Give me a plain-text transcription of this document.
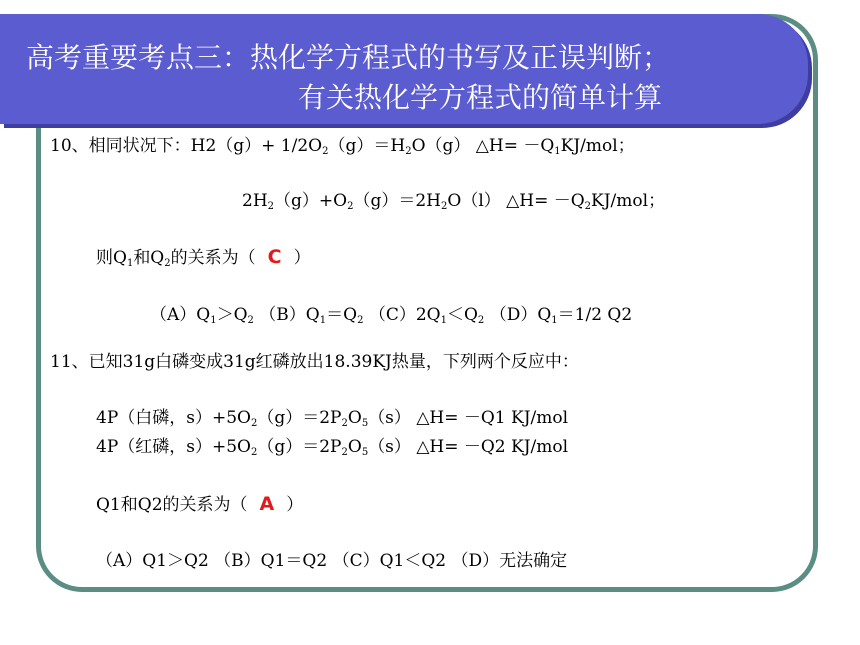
高考重要考点三：热化学方程式的书写及正误判断；
有关热化学方程式的简单计算
10、相同状况下：$H2(g)+ 1/2O_2(g)=H_2O(g)$ △H= $-Q_1KJ$/mol；
$2H_2(g)+O_2(g)=2H_2O(l)$ △H= $-Q_2KJ$/mol；
则$Q_1$和$Q_2$的关系为（ C ）
$(A)Q_1>Q_2$ $(B)Q_1=Q_2$ $(C)2Q_1<Q_2$ $(D)Q_1=1/2$ Q2
11、已知31g白磷变成31g红磷放出18.39KJ热量，下列两个反应中：
4P（白磷，$s)+5O_2(g)=2P_2O_5(s)$ △H= －Q1 KJ/mol
4P（红磷，$s)+5O_2(g)=2P_2O_5(s)$ △H= －Q2 KJ/mol
Q1和Q2的关系为（ A ）
（A）Q1＞Q2 （B）Q1＝Q2 （C）Q1＜Q2 （D）无法确定
